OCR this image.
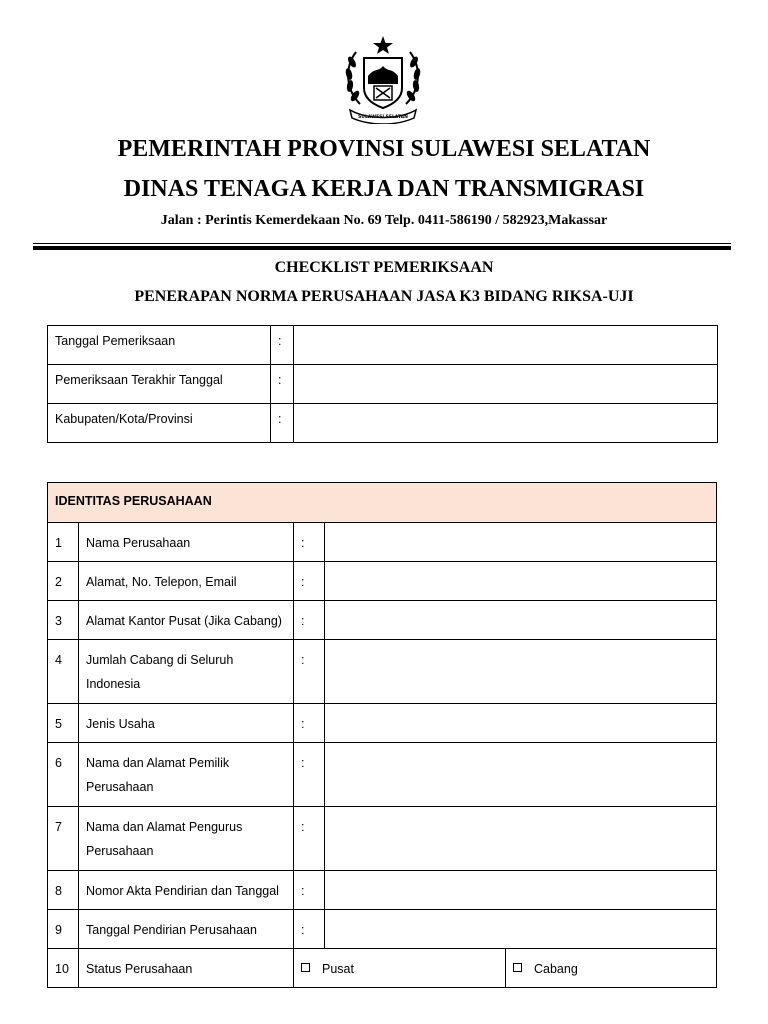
SULAWESI SELATAN
PEMERINTAH PROVINSI SULAWESI SELATAN
DINAS TENAGA KERJA DAN TRANSMIGRASI
Jalan : Perintis Kemerdekaan No. 69 Telp. 0411-586190 / 582923,Makassar
CHECKLIST PEMERIKSAAN
PENERAPAN NORMA PERUSAHAAN JASA K3 BIDANG RIKSA-UJI
Tanggal Pemeriksaan	:	
Pemeriksaan Terakhir Tanggal	:	
Kabupaten/Kota/Provinsi	:	
IDENTITAS PERUSAHAAN				
1	Nama Perusahaan	:		
2	Alamat, No. Telepon, Email	:		
3	Alamat Kantor Pusat (Jika Cabang)	:		
4	Jumlah Cabang di Seluruh Indonesia	:		
5	Jenis Usaha	:		
6	Nama dan Alamat Pemilik Perusahaan	:		
7	Nama dan Alamat Pengurus Perusahaan	:		
8	Nomor Akta Pendirian dan Tanggal	:		
9	Tanggal Pendirian Perusahaan	:		
10	Status Perusahaan	Pusat		Cabang
